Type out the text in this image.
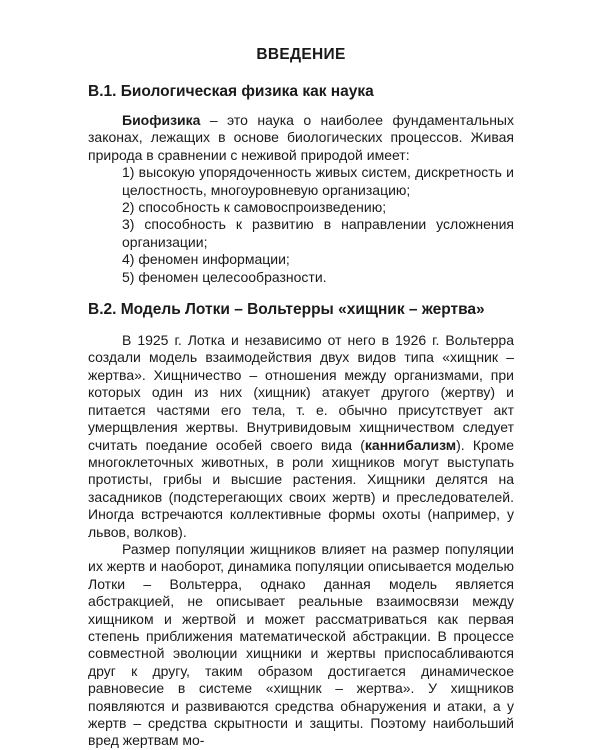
ВВЕДЕНИЕ
В.1. Биологическая физика как наука

Биофизика – это наука о наиболее фундаментальных законах, лежащих в основе биологических процессов. Живая природа в сравнении с неживой природой имеет:

1) высокую упорядоченность живых систем, дискретность и целостность, многоуровневую организацию;
2) способность к самовоспроизведению;
3) способность к развитию в направлении усложнения организации;
4) феномен информации;
5) феномен целесообразности.
В.2. Модель Лотки – Вольтерры «хищник – жертва»

В 1925 г. Лотка и независимо от него в 1926 г. Вольтерра создали модель взаимодействия двух видов типа «хищник – жертва». Хищничество – отношения между организмами, при которых один из них (хищник) атакует другого (жертву) и питается частями его тела, т. е. обычно присутствует акт умерщвления жертвы. Внутривидовым хищничеством следует считать поедание особей своего вида (каннибализм). Кроме многоклеточных животных, в роли хищников могут выступать протисты, грибы и высшие растения. Хищники делятся на засадников (подстерегающих своих жертв) и преследователей. Иногда встречаются коллективные формы охоты (например, у львов, волков).

Размер популяции жищников влияет на размер популяции их жертв и наоборот, динамика популяции описывается моделью Лотки – Вольтерра, однако данная модель является абстракцией, не описывает реальные взаимосвязи между хищником и жертвой и может рассматриваться как первая степень приближения математической абстракции. В процессе совместной эволюции хищники и жертвы приспосабливаются друг к другу, таким образом достигается динамическое равновесие в системе «хищник – жертва». У хищников появляются и развиваются средства обнаружения и атаки, а у жертв – средства скрытности и защиты. Поэтому наибольший вред жертвам мо-
